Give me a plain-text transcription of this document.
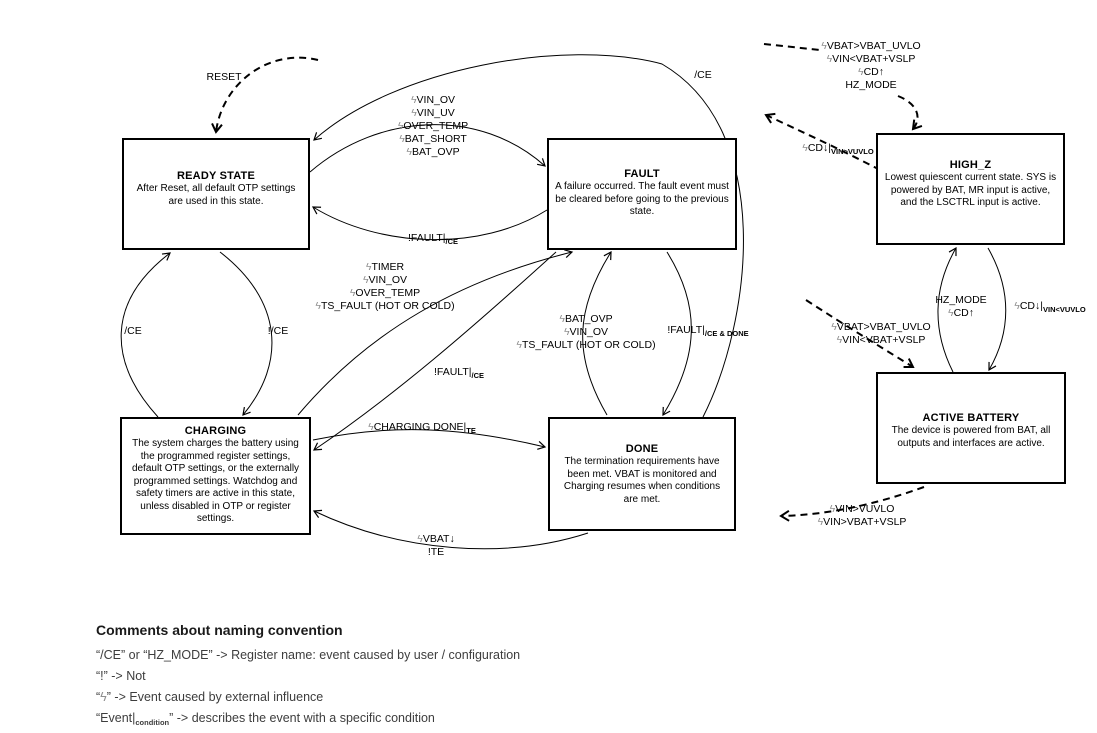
READY STATE
After Reset, all default OTP settings are used in this state.
FAULT
A failure occurred. The fault event must be cleared before going to the previous state.
HIGH_Z
Lowest quiescent current state. SYS is powered by BAT, MR input is active, and the LSCTRL input is active.
CHARGING
The system charges the battery using the programmed register settings, default OTP settings, or the externally programmed settings. Watchdog and safety timers are active in this state, unless disabled in OTP or register settings.
DONE
The termination requirements have been met. VBAT is monitored and Charging resumes when conditions are met.
ACTIVE BATTERY
The device is powered from BAT, all outputs and interfaces are active.
RESET	/CE
ϟVIN_OV
ϟVIN_UV
ϟOVER_TEMP
ϟBAT_SHORT
ϟBAT_OVP
$!FAULT|_{/CE}$
ϟTIMER
ϟVIN_OV
ϟOVER_TEMP
ϟTS_FAULT (HOT OR COLD)
/CE	!/CE
ϟBAT_OVP
ϟVIN_OV
ϟTS_FAULT (HOT OR COLD)
$!FAULT|_{/CE \& DONE}$
$!FAULT|_{/CE}$
ϟCHARGING $DONE|_{TE}$
ϟVBAT↓
!TE
ϟVBAT>VBAT_UVLO
ϟVIN<VBAT+VSLP
ϟCD↑
HZ_MODE
$ϟCD↓|_{VIN>VUVLO}$
HZ_MODE
ϟCD↑
$ϟCD↓|_{VIN<VUVLO}$
ϟVBAT>VBAT_UVLO
ϟVIN<VBAT+VSLP
ϟVIN>VUVLO
ϟVIN>VBAT+VSLP
Comments about naming convention
“/CE” or “HZ_MODE” -> Register name: event caused by user / configuration
“!” -> Not
“ϟ” -> Event caused by external influence
“$Event|_{condition}$” -> describes the event with a specific condition
